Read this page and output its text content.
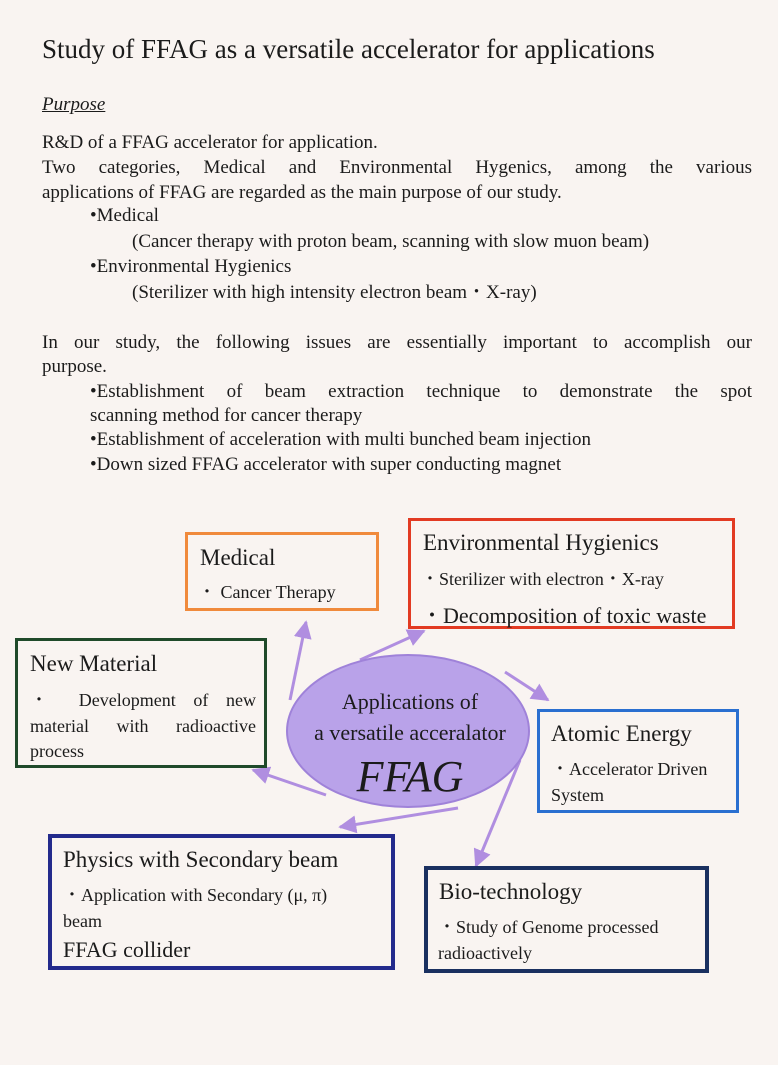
Study of FFAG as a versatile accelerator for applications
Purpose
R&D of a FFAG accelerator for application.
Two categories, Medical and Environmental Hygenics, among the various
applications of FFAG are regarded as the main purpose of our study.
•Medical
(Cancer therapy with proton beam, scanning with slow muon beam)
•Environmental Hygienics
(Sterilizer with high intensity electron beam・X-ray)
In our study, the following issues are essentially important to accomplish our
purpose.
•Establishment of beam extraction technique to demonstrate the spot
scanning method for cancer therapy
•Establishment of acceleration with multi bunched beam injection
•Down sized FFAG accelerator with super conducting magnet
Medical
・ Cancer Therapy
Environmental Hygienics
・Sterilizer with electron・X-ray
・Decomposition of toxic waste
New Material
・ Development of new
material with radioactive
process
Applications of
a versatile acceralator
FFAG
Atomic Energy
・Accelerator Driven
System
Physics with Secondary beam
・Application with Secondary (μ, π)
beam
FFAG collider
Bio-technology
・Study of Genome processed
radioactively
